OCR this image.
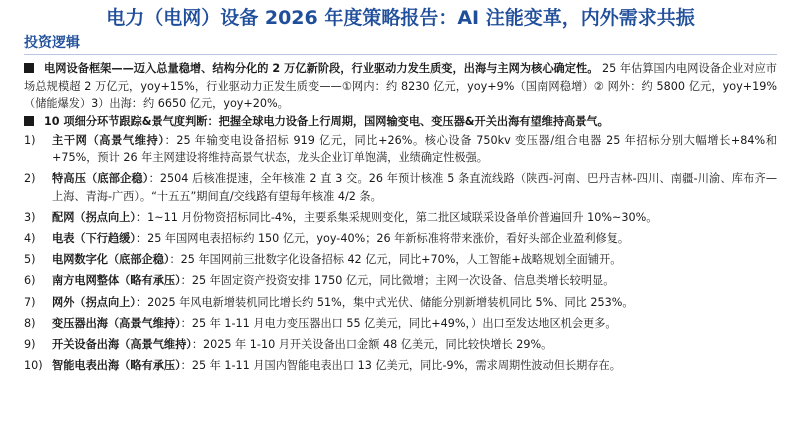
电力（电网）设备 2026 年度策略报告：AI 注能变革，内外需求共振
投资逻辑

电网设备框架——迈入总量稳增、结构分化的 2 万亿新阶段，行业驱动力发生质变，出海与主网为核心确定性。 25 年估算国内电网设备企业对应市场总规模超 2 万亿元，yoy+15%，行业驱动力正发生质变——①网内：约 8230 亿元，yoy+9%（国南网稳增）② 网外：约 5800 亿元，yoy+19%（储能爆发）3）出海：约 6650 亿元，yoy+20%。

10 项细分环节跟踪&景气度判断：把握全球电力设备上行周期，国网输变电、变压器&开关出海有望维持高景气。

1)	主干网（高景气维持）：25 年输变电设备招标 919 亿元，同比+26%。核心设备 750kv 变压器/组合电器 25 年招标分别大幅增长+84%和+75%，预计 26 年主网建设将维持高景气状态，龙头企业订单饱满，业绩确定性极强。
2)	特高压（底部企稳）：2504 后核准提速，全年核准 2 直 3 交。26 年预计核准 5 条直流线路（陕西-河南、巴丹吉林-四川、南疆-川渝、库布齐—上海、青海-广西）。“十五五”期间直/交线路有望每年核准 4/2 条。
3)	配网（拐点向上）：1~11 月份物资招标同比-4%，主要系集采规则变化，第二批区域联采设备单价普遍回升 10%~30%。
4)	电表（下行趋缓）：25 年国网电表招标约 150 亿元，yoy-40%；26 年新标准将带来涨价，看好头部企业盈利修复。
5)	电网数字化（底部企稳）：25 年国网前三批数字化设备招标 42 亿元，同比+70%，人工智能+战略规划全面铺开。
6)	南方电网整体（略有承压）：25 年固定资产投资安排 1750 亿元，同比微增；主网一次设备、信息类增长较明显。
7)	网外（拐点向上）：2025 年风电新增装机同比增长约 51%，集中式光伏、储能分别新增装机同比 5%、同比 253%。
8)	变压器出海（高景气维持）：25 年 1-11 月电力变压器出口 55 亿美元，同比+49%，）出口至发达地区机会更多。
9)	开关设备出海（高景气维持）：2025 年 1-10 月开关设备出口金额 48 亿美元，同比较快增长 29%。
10) 智能电表出海（略有承压）：25 年 1-11 月国内智能电表出口 13 亿美元，同比-9%，需求周期性波动但长期存在。
